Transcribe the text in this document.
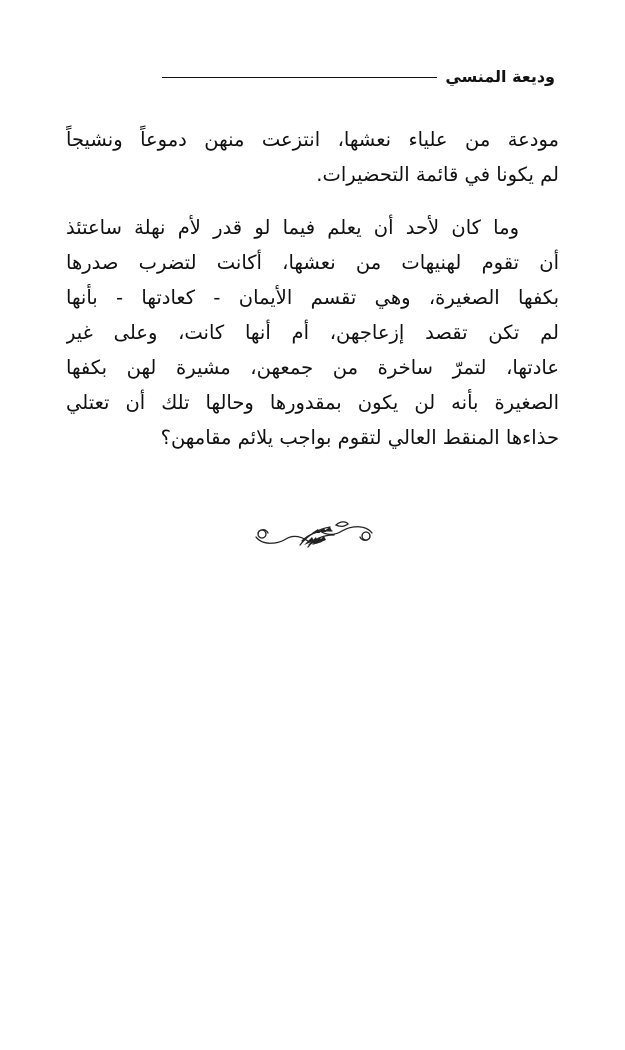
وديعة المنسي
مودعة من علياء نعشها، انتزعت منهن دموعاً ونشيجاً
لم يكونا في قائمة التحضيرات.
وما كان لأحد أن يعلم فيما لو قدر لأم نهلة ساعتئذ
أن تقوم لهنيهات من نعشها، أكانت لتضرب صدرها
بكفها الصغيرة، وهي تقسم الأيمان - كعادتها - بأنها
لم تكن تقصد إزعاجهن، أم أنها كانت، وعلى غير
عادتها، لتمرّ ساخرة من جمعهن، مشيرة لهن بكفها
الصغيرة بأنه لن يكون بمقدورها وحالها تلك أن تعتلي
حذاءها المنقط العالي لتقوم بواجب يلائم مقامهن؟
